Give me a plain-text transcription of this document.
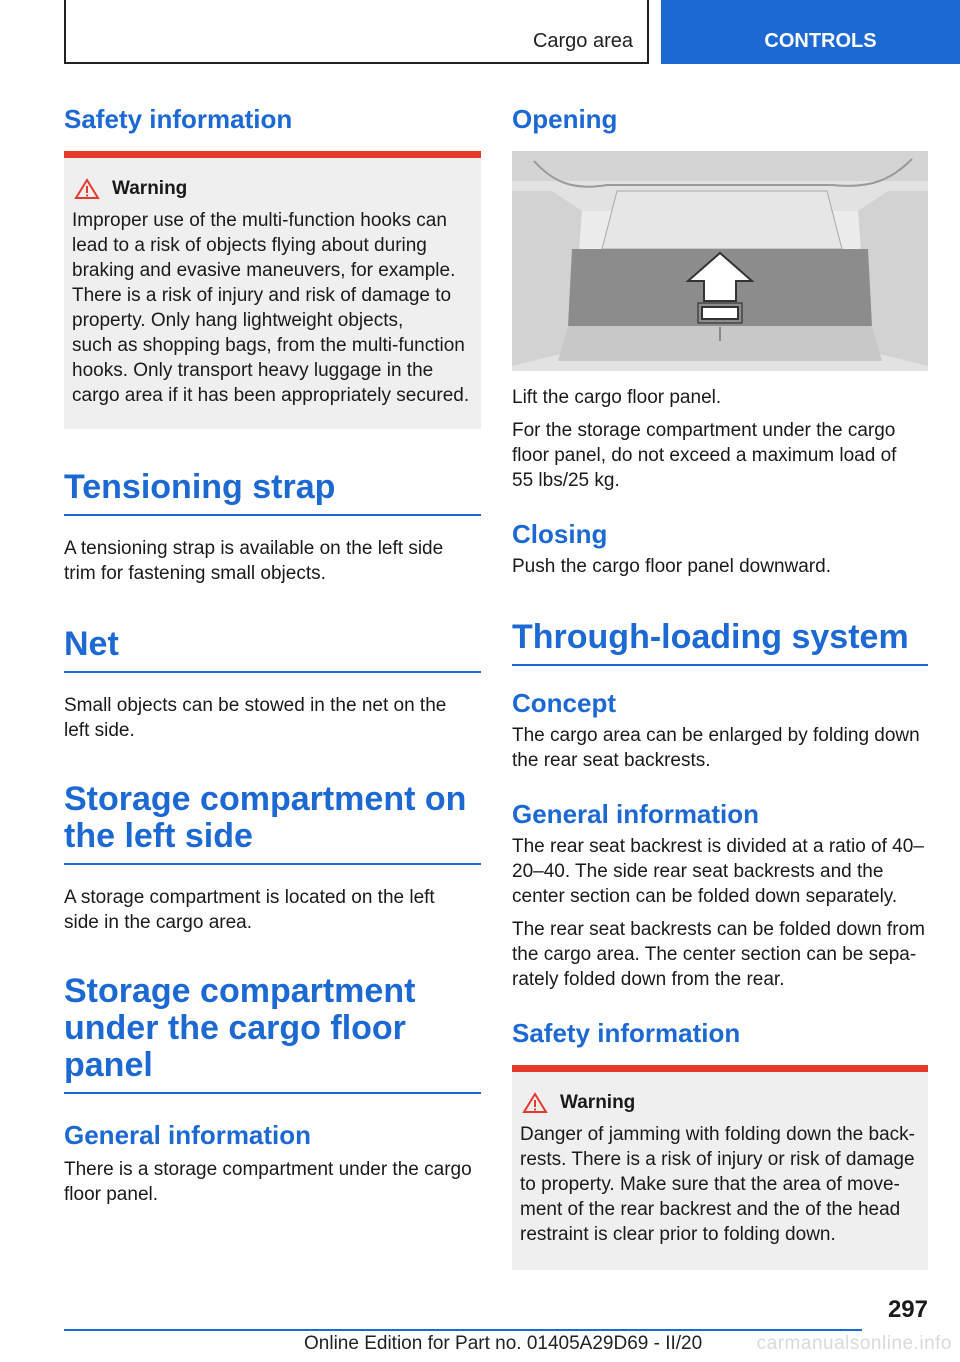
Cargo area	CONTROLS
Safety information
Warning

Improper use of the multi-function hooks can

lead to a risk of objects flying about during

braking and evasive maneuvers, for example.

There is a risk of injury and risk of damage to

property. Only hang lightweight objects,

such as shopping bags, from the multi-function

hooks. Only transport heavy luggage in the

cargo area if it has been appropriately secured.

Tensioning strap

A tensioning strap is available on the left side

trim for fastening small objects.

Net

Small objects can be stowed in the net on the

left side.

Storage compartment on
the left side

A storage compartment is located on the left

side in the cargo area.

Storage compartment
under the cargo floor panel
General information

There is a storage compartment under the cargo

floor panel.

Opening

Lift the cargo floor panel.

For the storage compartment under the cargo

floor panel, do not exceed a maximum load of

55 lbs/25 kg.

Closing

Push the cargo floor panel downward.

Through-loading system
Concept

The cargo area can be enlarged by folding down

the rear seat backrests.

General information

The rear seat backrest is divided at a ratio of 40–

20–40. The side rear seat backrests and the

center section can be folded down separately.

The rear seat backrests can be folded down from

the cargo area. The center section can be sepa-

rately folded down from the rear.

Safety information
Warning

Danger of jamming with folding down the back-

rests. There is a risk of injury or risk of damage

to property. Make sure that the area of move-

ment of the rear backrest and the of the head

restraint is clear prior to folding down.

297
Online Edition for Part no. 01405A29D69 - II/20	carmanualsonline.info
